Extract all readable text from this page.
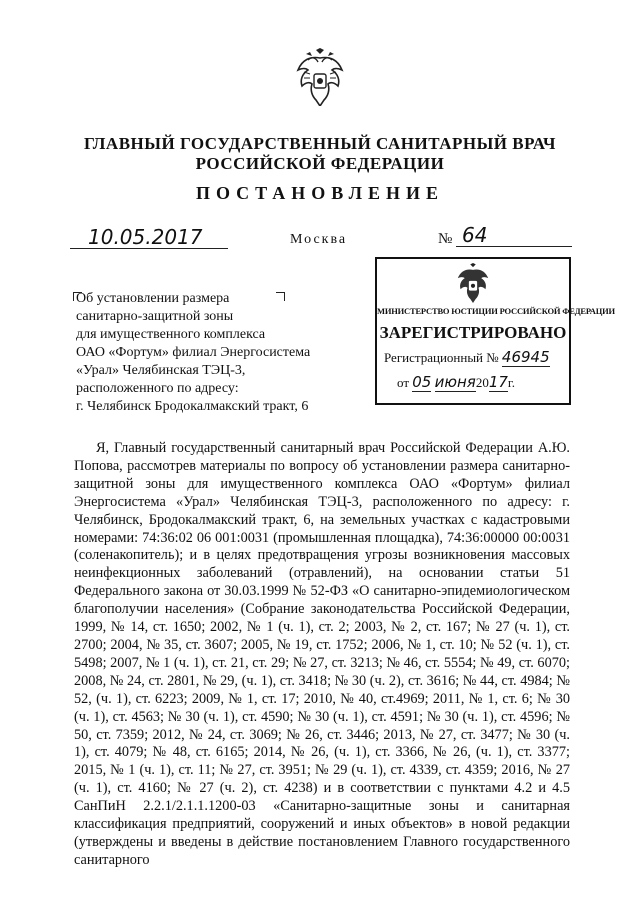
ГЛАВНЫЙ ГОСУДАРСТВЕННЫЙ САНИТАРНЫЙ ВРАЧ
РОССИЙСКОЙ ФЕДЕРАЦИИ
ПОСТАНОВЛЕНИЕ
10.05.2017	Москва	№ 64
МИНИСТЕРСТВО ЮСТИЦИИ РОССИЙСКОЙ ФЕДЕРАЦИИ
ЗАРЕГИСТРИРОВАНО
Регистрационный № 46945
от 05 июня2017г.
Об установлении размера
санитарно-защитной зоны
для имущественного комплекса
ОАО «Фортум» филиал Энергосистема
«Урал» Челябинская ТЭЦ-3,
расположенного по адресу:
г. Челябинск Бродокалмакский тракт, 6

Я, Главный государственный санитарный врач Российской Федерации А.Ю. Попова, рассмотрев материалы по вопросу об установлении размера санитарно-защитной зоны для имущественного комплекса ОАО «Фортум» филиал Энергосистема «Урал» Челябинская ТЭЦ-3, расположенного по адресу: г. Челябинск, Бродокалмакский тракт, 6, на земельных участках с кадастровыми номерами: 74:36:02 06 001:0031 (промышленная площадка), 74:36:00000 00:0031 (соленакопитель); и в целях предотвращения угрозы возникновения массовых неинфекционных заболеваний (отравлений), на основании статьи 51 Федерального закона от 30.03.1999 № 52-ФЗ «О санитарно-эпидемиологическом благополучии населения» (Собрание законодательства Российской Федерации, 1999, № 14, ст. 1650; 2002, № 1 (ч. 1), ст. 2; 2003, № 2, ст. 167; № 27 (ч. 1), ст. 2700; 2004, № 35, ст. 3607; 2005, № 19, ст. 1752; 2006, № 1, ст. 10; № 52 (ч. 1), ст. 5498; 2007, № 1 (ч. 1), ст. 21, ст. 29; № 27, ст. 3213; № 46, ст. 5554; № 49, ст. 6070; 2008, № 24, ст. 2801, № 29, (ч. 1), ст. 3418; № 30 (ч. 2), ст. 3616; № 44, ст. 4984; № 52, (ч. 1), ст. 6223; 2009, № 1, ст. 17; 2010, № 40, ст.4969; 2011, № 1, ст. 6; № 30 (ч. 1), ст. 4563; № 30 (ч. 1), ст. 4590; № 30 (ч. 1), ст. 4591; № 30 (ч. 1), ст. 4596; № 50, ст. 7359; 2012, № 24, ст. 3069; № 26, ст. 3446; 2013, № 27, ст. 3477; № 30 (ч. 1), ст. 4079; № 48, ст. 6165; 2014, № 26, (ч. 1), ст. 3366, № 26, (ч. 1), ст. 3377; 2015, № 1 (ч. 1), ст. 11; № 27, ст. 3951; № 29 (ч. 1), ст. 4339, ст. 4359; 2016, № 27 (ч. 1), ст. 4160; № 27 (ч. 2), ст. 4238) и в соответствии с пунктами 4.2 и 4.5 СанПиН 2.2.1/2.1.1.1200-03 «Санитарно-защитные зоны и санитарная классификация предприятий, сооружений и иных объектов» в новой редакции (утверждены и введены в действие постановлением Главного государственного санитарного
